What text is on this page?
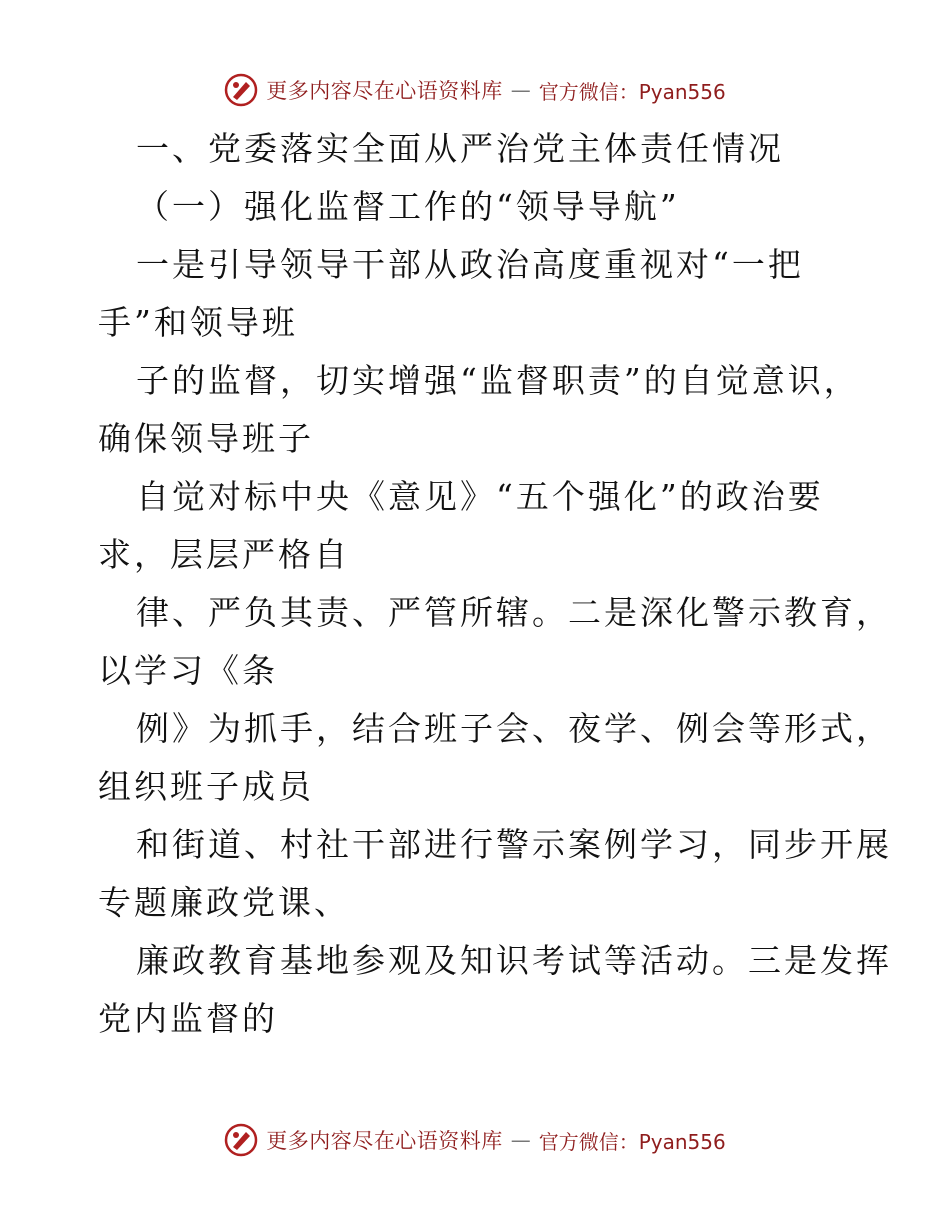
更多内容尽在心语资料库 — 官方微信：Pyan556
一、党委落实全面从严治党主体责任情况
（一）强化监督工作的“领导导航”
一是引导领导干部从政治高度重视对“一把
手”和领导班
子的监督，切实增强“监督职责”的自觉意识，
确保领导班子
自觉对标中央《意见》“五个强化”的政治要
求，层层严格自
律、严负其责、严管所辖。二是深化警示教育，
以学习《条
例》为抓手，结合班子会、夜学、例会等形式，
组织班子成员
和街道、村社干部进行警示案例学习，同步开展
专题廉政党课、
廉政教育基地参观及知识考试等活动。三是发挥
党内监督的
更多内容尽在心语资料库 — 官方微信：Pyan556
